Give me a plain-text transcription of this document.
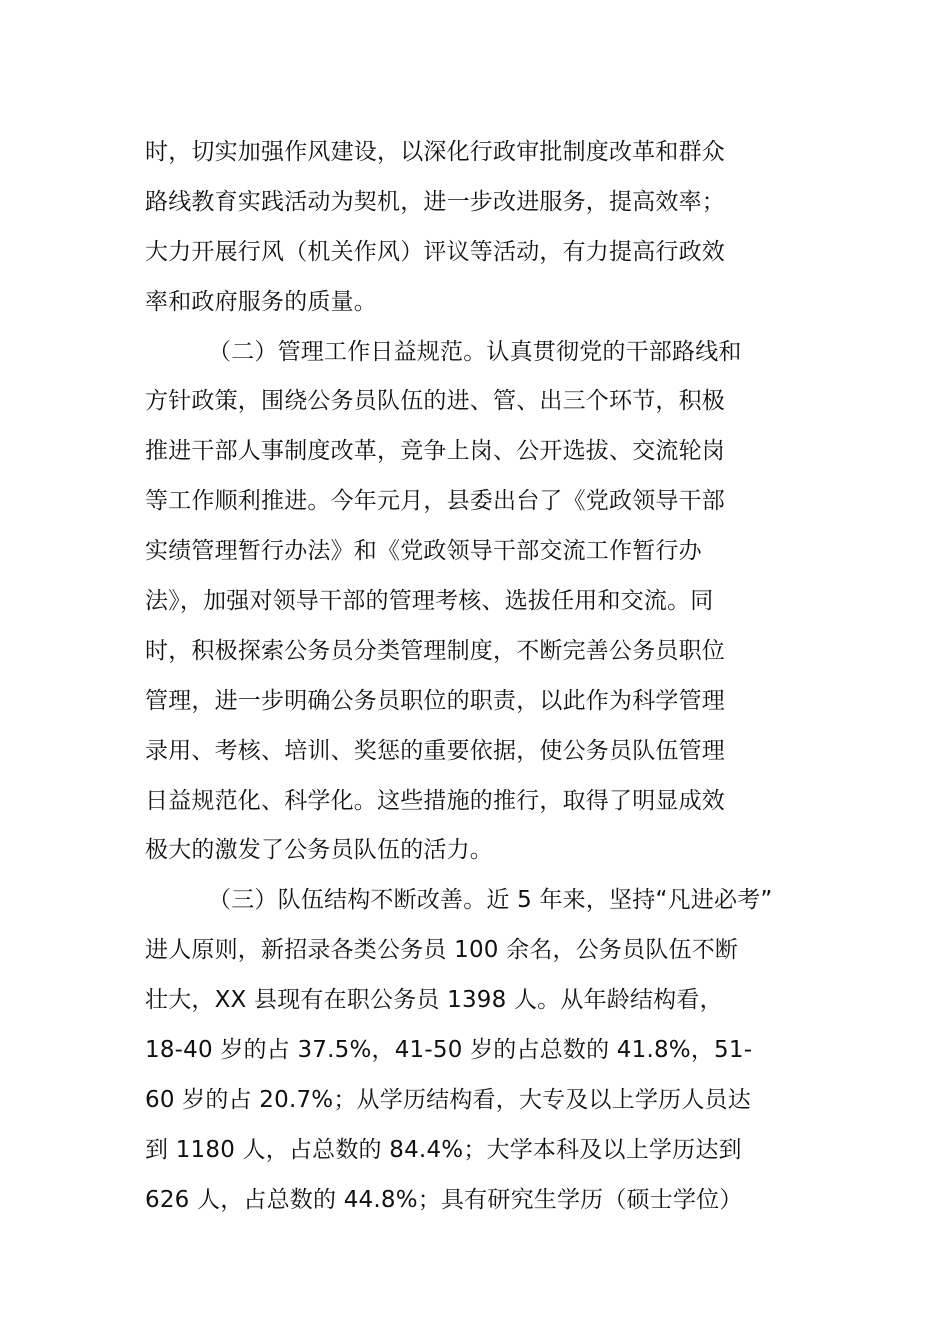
时，切实加强作风建设，以深化行政审批制度改革和群众
路线教育实践活动为契机，进一步改进服务，提高效率；
大力开展行风（机关作风）评议等活动，有力提高行政效
率和政府服务的质量。
（二）管理工作日益规范。认真贯彻党的干部路线和
方针政策，围绕公务员队伍的进、管、出三个环节，积极
推进干部人事制度改革，竞争上岗、公开选拔、交流轮岗
等工作顺利推进。今年元月，县委出台了《党政领导干部
实绩管理暂行办法》和《党政领导干部交流工作暂行办
法》，加强对领导干部的管理考核、选拔任用和交流。同
时，积极探索公务员分类管理制度，不断完善公务员职位
管理，进一步明确公务员职位的职责，以此作为科学管理
录用、考核、培训、奖惩的重要依据，使公务员队伍管理
日益规范化、科学化。这些措施的推行，取得了明显成效
极大的激发了公务员队伍的活力。
（三）队伍结构不断改善。近 5 年来，坚持“凡进必考”
进人原则，新招录各类公务员 100 余名，公务员队伍不断
壮大，XX 县现有在职公务员 1398 人。从年龄结构看，
18-40 岁的占 37.5%，41-50 岁的占总数的 41.8%，51-
60 岁的占 20.7%；从学历结构看，大专及以上学历人员达
到 1180 人，占总数的 84.4%；大学本科及以上学历达到
626 人，占总数的 44.8%；具有研究生学历（硕士学位）
